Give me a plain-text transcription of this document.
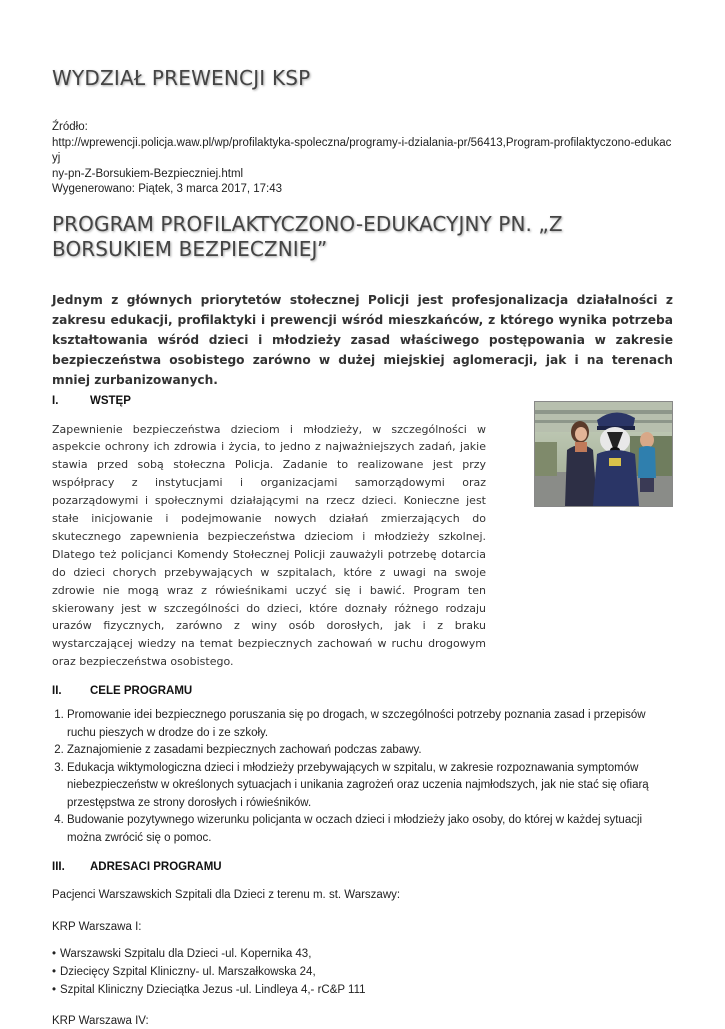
WYDZIAŁ PREWENCJI KSP
Źródło:
http://wprewencji.policja.waw.pl/wp/profilaktyka-spoleczna/programy-i-dzialania-pr/56413,Program-profilaktyczono-edukacyj
ny-pn-Z-Borsukiem-Bezpieczniej.html
Wygenerowano: Piątek, 3 marca 2017, 17:43
PROGRAM PROFILAKTYCZONO-EDUKACYJNY PN. „Z BORSUKIEM BEZPIECZNIEJ”

Jednym z głównych priorytetów stołecznej Policji jest profesjonalizacja działalności z zakresu edukacji, profilaktyki i prewencji wśród mieszkańców, z którego wynika potrzeba kształtowania wśród dzieci i młodzieży zasad właściwego postępowania w zakresie bezpieczeństwa osobistego zarówno w dużej miejskiej aglomeracji, jak i na terenach mniej zurbanizowanych.

I.	WSTĘP

Zapewnienie bezpieczeństwa dzieciom i młodzieży, w szczególności w aspekcie ochrony ich zdrowia i życia, to jedno z najważniejszych zadań, jakie stawia przed sobą stołeczna Policja. Zadanie to realizowane jest przy współpracy z instytucjami i organizacjami samorządowymi oraz pozarządowymi i społecznymi działającymi na rzecz dzieci. Konieczne jest stałe inicjowanie i podejmowanie nowych działań zmierzających do skutecznego zapewnienia bezpieczeństwa dzieciom i młodzieży szkolnej. Dlatego też policjanci Komendy Stołecznej Policji zauważyli potrzebę dotarcia do dzieci chorych przebywających w szpitalach, które z uwagi na swoje zdrowie nie mogą wraz z rówieśnikami uczyć się i bawić. Program ten skierowany jest w szczególności do dzieci, które doznały różnego rodzaju urazów fizycznych, zarówno z winy osób dorosłych, jak i z braku wystarczającej wiedzy na temat bezpiecznych zachowań w ruchu drogowym oraz bezpieczeństwa osobistego.

II.	CELE PROGRAMU
1. Promowanie idei bezpiecznego poruszania się po drogach, w szczególności potrzeby poznania zasad i przepisów ruchu pieszych w drodze do i ze szkoły.
2. Zaznajomienie z zasadami bezpiecznych zachowań podczas zabawy.
3. Edukacja wiktymologiczna dzieci i młodzieży przebywających w szpitalu, w zakresie rozpoznawania symptomów niebezpieczeństw w określonych sytuacjach i unikania zagrożeń oraz uczenia najmłodszych, jak nie stać się ofiarą przestępstwa ze strony dorosłych i rówieśników.
4. Budowanie pozytywnego wizerunku policjanta w oczach dzieci i młodzieży jako osoby, do której w każdej sytuacji można zwrócić się o pomoc.
III.	ADRESACI PROGRAMU

Pacjenci Warszawskich Szpitali dla Dzieci z terenu m. st. Warszawy:

KRP Warszawa I:

• Warszawski Szpitalu dla Dzieci -ul. Kopernika 43,
• Dziecięcy Szpital Kliniczny- ul. Marszałkowska 24,
• Szpital Kliniczny Dzieciątka Jezus -ul. Lindleya 4,- rC&P 111

KRP Warszawa IV:
